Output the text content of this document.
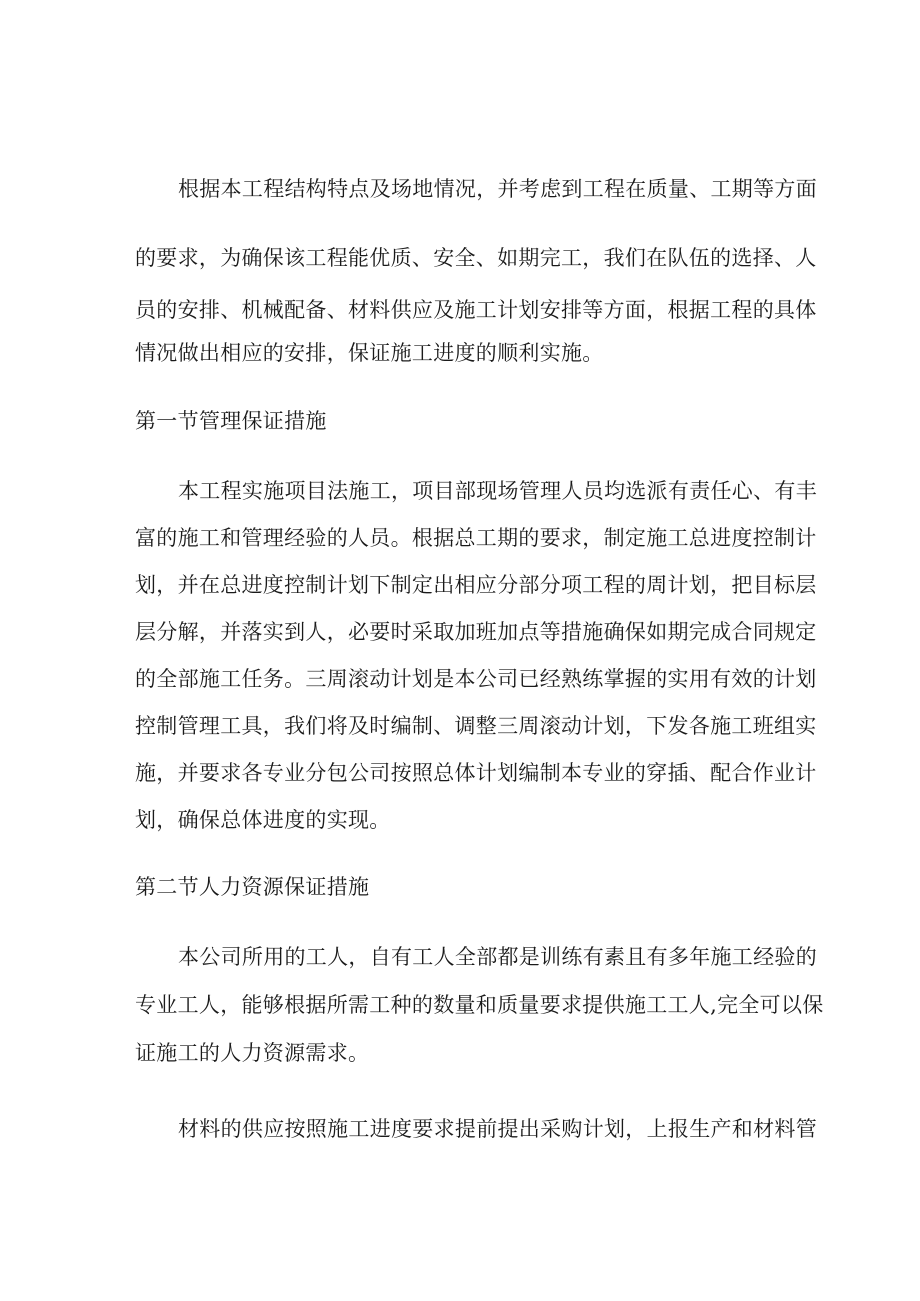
根据本工程结构特点及场地情况，并考虑到工程在质量、工期等方面
的要求，为确保该工程能优质、安全、如期完工，我们在队伍的选择、人
员的安排、机械配备、材料供应及施工计划安排等方面，根据工程的具体
情况做出相应的安排，保证施工进度的顺利实施。
第一节管理保证措施
本工程实施项目法施工，项目部现场管理人员均选派有责任心、有丰
富的施工和管理经验的人员。根据总工期的要求，制定施工总进度控制计
划，并在总进度控制计划下制定出相应分部分项工程的周计划，把目标层
层分解，并落实到人，必要时采取加班加点等措施确保如期完成合同规定
的全部施工任务。三周滚动计划是本公司已经熟练掌握的实用有效的计划
控制管理工具，我们将及时编制、调整三周滚动计划，下发各施工班组实
施，并要求各专业分包公司按照总体计划编制本专业的穿插、配合作业计
划，确保总体进度的实现。
第二节人力资源保证措施
本公司所用的工人，自有工人全部都是训练有素且有多年施工经验的
专业工人，能够根据所需工种的数量和质量要求提供施工工人,完全可以保
证施工的人力资源需求。
材料的供应按照施工进度要求提前提出采购计划，上报生产和材料管
